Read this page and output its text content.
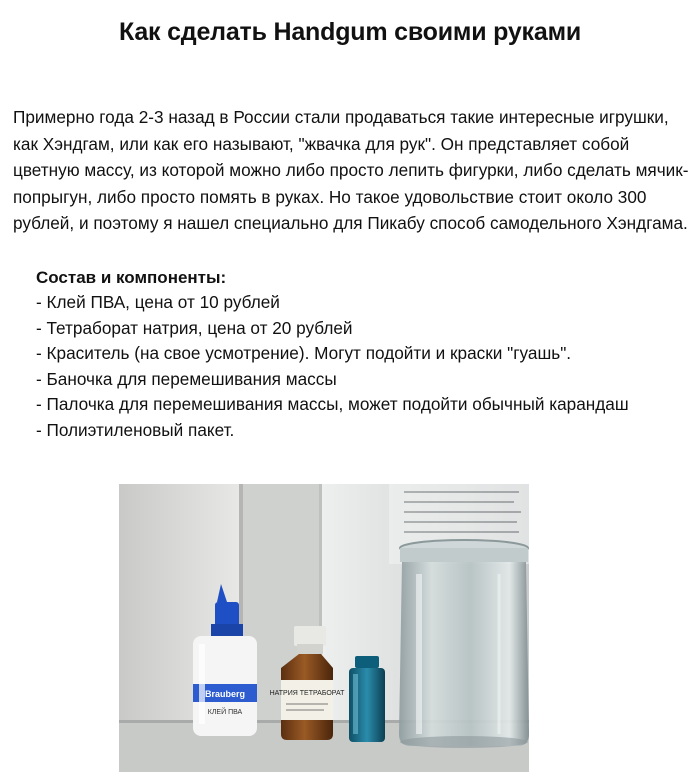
Как сделать Handgum своими руками

Примерно года 2-3 назад в России стали продаваться такие интересные игрушки, как Хэндгам, или как его называют, "жвачка для рук". Он представляет собой цветную массу, из которой можно либо просто лепить фигурки, либо сделать мячик-попрыгун, либо просто помять в руках. Но такое удовольствие стоит около 300 рублей, и поэтому я нашел специально для Пикабу способ самодельного Хэндгама.

Состав и компоненты:
- Клей ПВА, цена от 10 рублей
- Тетраборат натрия, цена от 20 рублей
- Краситель (на свое усмотрение). Могут подойти и краски "гуашь".
- Баночка для перемешивания массы
- Палочка для перемешивания массы, может подойти обычный карандаш
- Полиэтиленовый пакет.
Brauberg
КЛЕЙ ПВА
НАТРИЯ ТЕТРАБОРАТ
